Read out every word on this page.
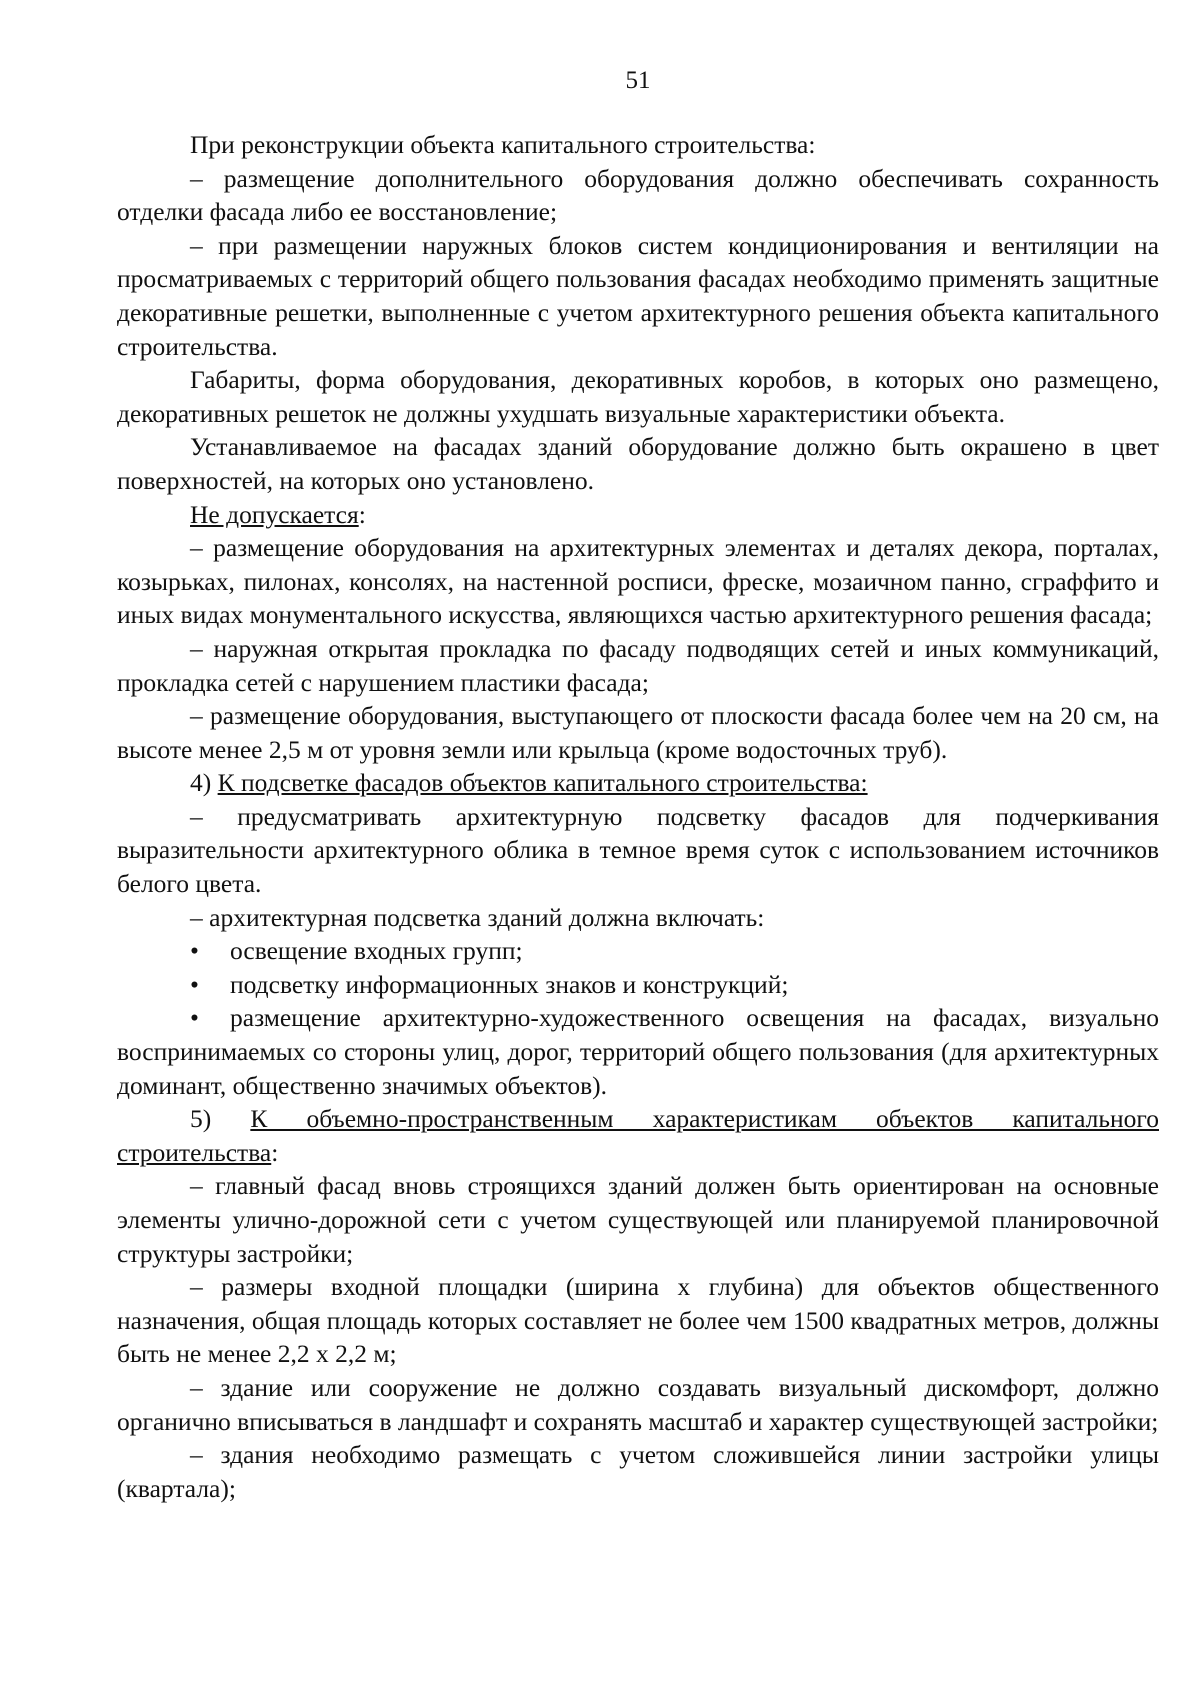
51

При реконструкции объекта капитального строительства:

– размещение дополнительного оборудования должно обеспечивать сохранность отделки фасада либо ее восстановление;

– при размещении наружных блоков систем кондиционирования и вентиляции на просматриваемых с территорий общего пользования фасадах необходимо применять защитные декоративные решетки, выполненные с учетом архитектурного решения объекта капитального строительства.

Габариты, форма оборудования, декоративных коробов, в которых оно размещено, декоративных решеток не должны ухудшать визуальные характеристики объекта.

Устанавливаемое на фасадах зданий оборудование должно быть окрашено в цвет поверхностей, на которых оно установлено.

Не допускается:

– размещение оборудования на архитектурных элементах и деталях декора, порталах, козырьках, пилонах, консолях, на настенной росписи, фреске, мозаичном панно, сграффито и иных видах монументального искусства, являющихся частью архитектурного решения фасада;

– наружная открытая прокладка по фасаду подводящих сетей и иных коммуникаций, прокладка сетей с нарушением пластики фасада;

– размещение оборудования, выступающего от плоскости фасада более чем на 20 см, на высоте менее 2,5 м от уровня земли или крыльца (кроме водосточных труб).

4) К подсветке фасадов объектов капитального строительства:

– предусматривать архитектурную подсветку фасадов для подчеркивания выразительности архитектурного облика в темное время суток с использованием источников белого цвета.

– архитектурная подсветка зданий должна включать:

• освещение входных групп;

• подсветку информационных знаков и конструкций;

• размещение архитектурно-художественного освещения на фасадах, визуально воспринимаемых со стороны улиц, дорог, территорий общего пользования (для архитектурных доминант, общественно значимых объектов).

5) К объемно-пространственным характеристикам объектов капитального строительства:

– главный фасад вновь строящихся зданий должен быть ориентирован на основные элементы улично-дорожной сети с учетом существующей или планируемой планировочной структуры застройки;

– размеры входной площадки (ширина х глубина) для объектов общественного назначения, общая площадь которых составляет не более чем 1500 квадратных метров, должны быть не менее 2,2 х 2,2 м;

– здание или сооружение не должно создавать визуальный дискомфорт, должно органично вписываться в ландшафт и сохранять масштаб и характер существующей застройки;

– здания необходимо размещать с учетом сложившейся линии застройки улицы (квартала);
